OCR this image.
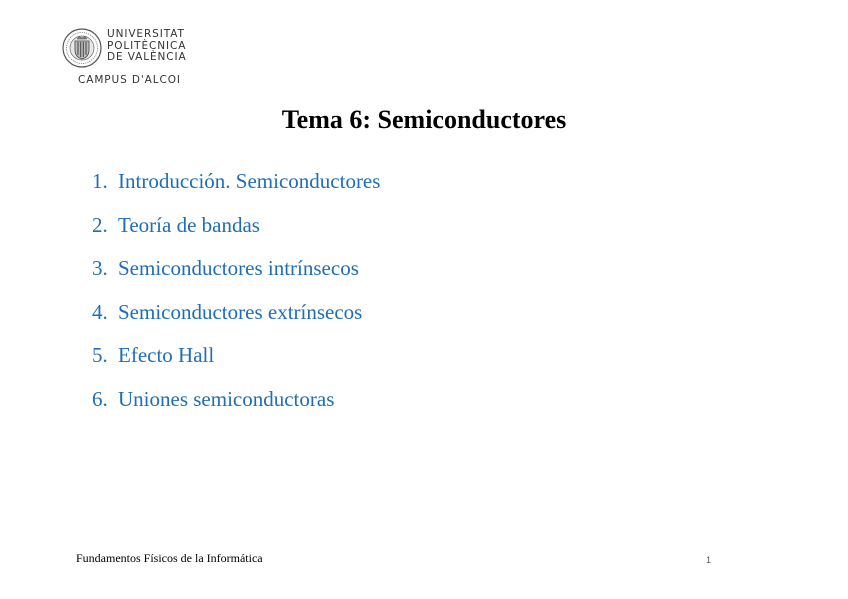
UNIVERSITAT
POLITÈCNICA
DE VALÈNCIA
CAMPUS D'ALCOI
Tema 6: Semiconductores
1. Introducción. Semiconductores
2. Teoría de bandas
3. Semiconductores intrínsecos
4. Semiconductores extrínsecos
5. Efecto Hall
6. Uniones semiconductoras
Fundamentos Físicos de la Informática	1
